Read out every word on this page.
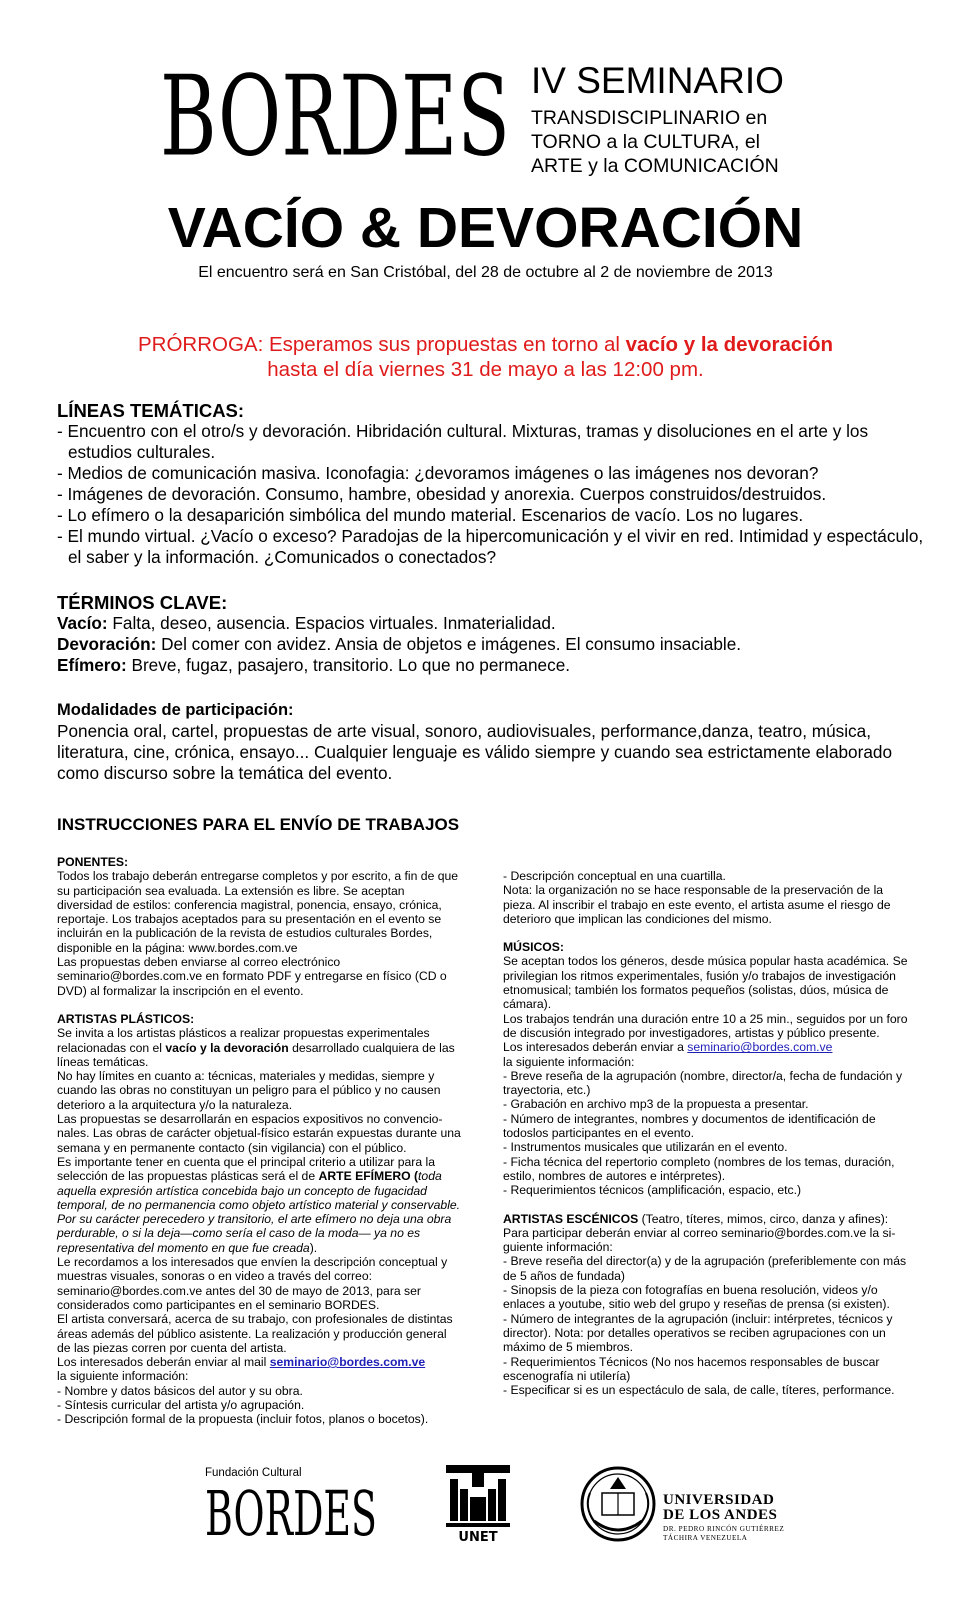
BORDES IV SEMINARIO
TRANSDISCIPLINARIO en
TORNO a la CULTURA, el
ARTE y la COMUNICACIÓN
VACÍO & DEVORACIÓN
El encuentro será en San Cristóbal, del 28 de octubre al 2 de noviembre de 2013
PRÓRROGA: Esperamos sus propuestas en torno al vacío y la devoración
hasta el día viernes 31 de mayo a las 12:00 pm.
LÍNEAS TEMÁTICAS:
- Encuentro con el otro/s y devoración. Hibridación cultural. Mixturas, tramas y disoluciones en el arte y los estudios culturales.
- Medios de comunicación masiva. Iconofagia: ¿devoramos imágenes o las imágenes nos devoran?
- Imágenes de devoración. Consumo, hambre, obesidad y anorexia. Cuerpos construidos/destruidos.
- Lo efímero o la desaparición simbólica del mundo material. Escenarios de vacío. Los no lugares.
- El mundo virtual. ¿Vacío o exceso? Paradojas de la hipercomunicación y el vivir en red. Intimidad y espectáculo, el saber y la información. ¿Comunicados o conectados?
TÉRMINOS CLAVE:
Vacío: Falta, deseo, ausencia. Espacios virtuales. Inmaterialidad.
Devoración: Del comer con avidez. Ansia de objetos e imágenes. El consumo insaciable.
Efímero: Breve, fugaz, pasajero, transitorio. Lo que no permanece.
Modalidades de participación:
Ponencia oral, cartel, propuestas de arte visual, sonoro, audiovisuales, performance,danza, teatro, música, literatura, cine, crónica, ensayo... Cualquier lenguaje es válido siempre y cuando sea estrictamente elaborado como discurso sobre la temática del evento.
INSTRUCCIONES PARA EL ENVÍO DE TRABAJOS

PONENTES:

Todos los trabajo deberán entregarse completos y por escrito, a fin de que su participación sea evaluada. La extensión es libre. Se aceptan diversidad de estilos: conferencia magistral, ponencia, ensayo, crónica, reportaje. Los trabajos aceptados para su presentación en el evento se incluirán en la publicación de la revista de estudios culturales Bordes, disponible en la página: www.bordes.com.ve

Las propuestas deben enviarse al correo electrónico seminario@bordes.com.ve en formato PDF y entregarse en físico (CD o DVD) al formalizar la inscripción en el evento.

ARTISTAS PLÁSTICOS:

Se invita a los artistas plásticos a realizar propuestas experimentales relacionadas con el vacío y la devoración desarrollado cualquiera de las líneas temáticas.

No hay límites en cuanto a: técnicas, materiales y medidas, siempre y cuando las obras no constituyan un peligro para el público y no causen deterioro a la arquitectura y/o la naturaleza.

Las propuestas se desarrollarán en espacios expositivos no convencio-nales. Las obras de carácter objetual-físico estarán expuestas durante una semana y en permanente contacto (sin vigilancia) con el público.

Es importante tener en cuenta que el principal criterio a utilizar para la selección de las propuestas plásticas será el de ARTE EFÍMERO (toda aquella expresión artística concebida bajo un concepto de fugacidad temporal, de no permanencia como objeto artístico material y conservable. Por su carácter perecedero y transitorio, el arte efímero no deja una obra perdurable, o si la deja—como sería el caso de la moda— ya no es representativa del momento en que fue creada).

Le recordamos a los interesados que envíen la descripción conceptual y muestras visuales, sonoras o en video a través del correo: seminario@bordes.com.ve antes del 30 de mayo de 2013, para ser considerados como participantes en el seminario BORDES.

El artista conversará, acerca de su trabajo, con profesionales de distintas áreas además del público asistente. La realización y producción general de las piezas corren por cuenta del artista.

Los interesados deberán enviar al mail seminario@bordes.com.ve

la siguiente información:

- Nombre y datos básicos del autor y su obra.

- Síntesis curricular del artista y/o agrupación.

- Descripción formal de la propuesta (incluir fotos, planos o bocetos).

- Descripción conceptual en una cuartilla.

Nota: la organización no se hace responsable de la preservación de la pieza. Al inscribir el trabajo en este evento, el artista asume el riesgo de deterioro que implican las condiciones del mismo.

MÚSICOS:

Se aceptan todos los géneros, desde música popular hasta académica. Se privilegian los ritmos experimentales, fusión y/o trabajos de investigación etnomusical; también los formatos pequeños (solistas, dúos, música de cámara).

Los trabajos tendrán una duración entre 10 a 25 min., seguidos por un foro de discusión integrado por investigadores, artistas y público presente.

Los interesados deberán enviar a seminario@bordes.com.ve

la siguiente información:

- Breve reseña de la agrupación (nombre, director/a, fecha de fundación y trayectoria, etc.)

- Grabación en archivo mp3 de la propuesta a presentar.

- Número de integrantes, nombres y documentos de identificación de todoslos participantes en el evento.

- Instrumentos musicales que utilizarán en el evento.

- Ficha técnica del repertorio completo (nombres de los temas, duración, estilo, nombres de autores e intérpretes).

- Requerimientos técnicos (amplificación, espacio, etc.)

ARTISTAS ESCÉNICOS (Teatro, títeres, mimos, circo, danza y afines):

Para participar deberán enviar al correo seminario@bordes.com.ve la si-guiente información:

- Breve reseña del director(a) y de la agrupación (preferiblemente con más de 5 años de fundada)

- Sinopsis de la pieza con fotografías en buena resolución, videos y/o enlaces a youtube, sitio web del grupo y reseñas de prensa (si existen).

- Número de integrantes de la agrupación (incluir: intérpretes, técnicos y director). Nota: por detalles operativos se reciben agrupaciones con un máximo de 5 miembros.

- Requerimientos Técnicos (No nos hacemos responsables de buscar escenografía ni utilería)

- Especificar si es un espectáculo de sala, de calle, títeres, performance.

Fundación Cultural
BORDES	UNET
UNIVERSIDAD
DE LOS ANDES
DR. PEDRO RINCÓN GUTIÉRREZ
TÁCHIRA VENEZUELA
